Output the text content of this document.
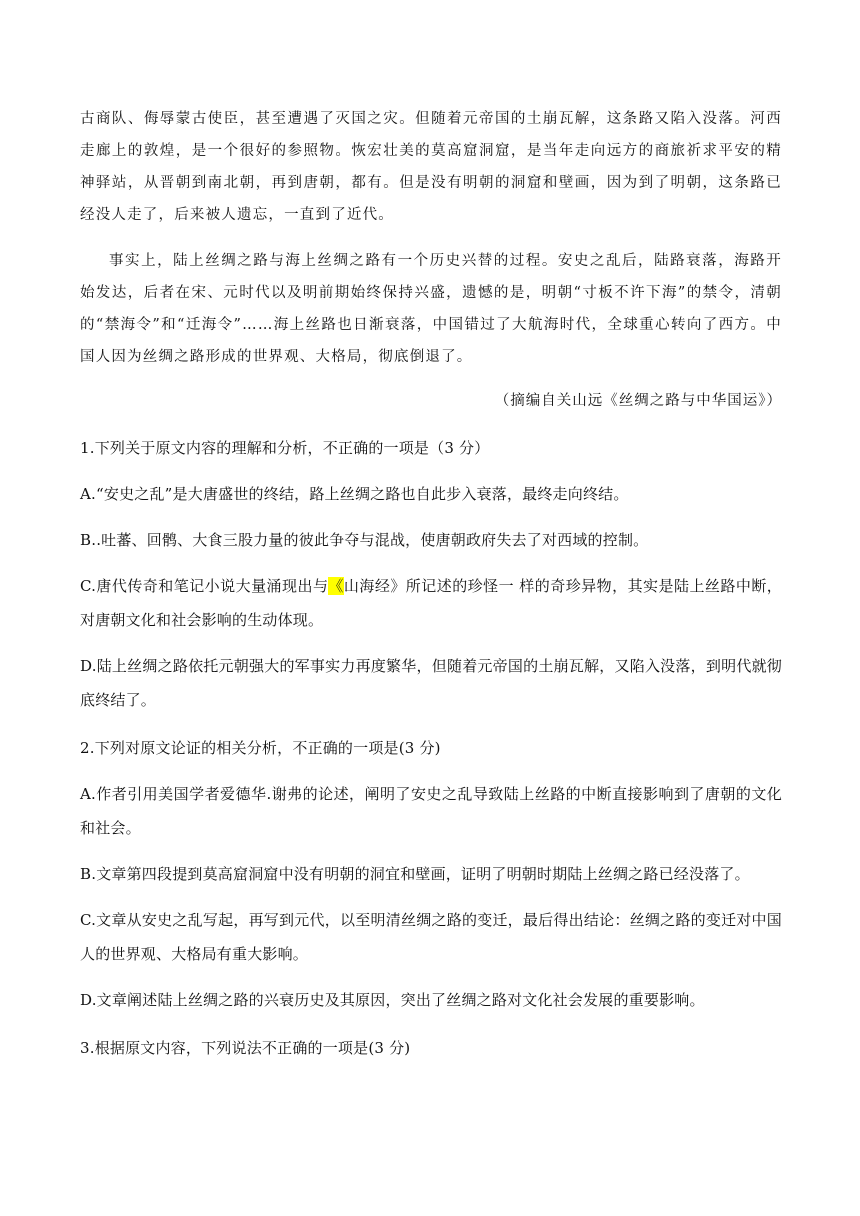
古商队、侮辱蒙古使臣，甚至遭遇了灭国之灾。但随着元帝国的土崩瓦解，这条路又陷入没落。河西走廊上的敦煌，是一个很好的参照物。恢宏壮美的莫高窟洞窟，是当年走向远方的商旅祈求平安的精神驿站，从晋朝到南北朝，再到唐朝，都有。但是没有明朝的洞窟和壁画，因为到了明朝，这条路已经没人走了，后来被人遗忘，一直到了近代。

事实上，陆上丝绸之路与海上丝绸之路有一个历史兴替的过程。安史之乱后，陆路衰落，海路开始发达，后者在宋、元时代以及明前期始终保持兴盛，遗憾的是，明朝“寸板不许下海”的禁令，清朝的“禁海令”和“迁海令”……海上丝路也日渐衰落，中国错过了大航海时代，全球重心转向了西方。中国人因为丝绸之路形成的世界观、大格局，彻底倒退了。

（摘编自关山远《丝绸之路与中华国运》）

1.下列关于原文内容的理解和分析，不正确的一项是（3 分）

A.“安史之乱”是大唐盛世的终结，路上丝绸之路也自此步入衰落，最终走向终结。

B..吐蕃、回鹘、大食三股力量的彼此争夺与混战，使唐朝政府失去了对西域的控制。

C.唐代传奇和笔记小说大量涌现出与《山海经》所记述的珍怪一 样的奇珍异物，其实是陆上丝路中断，对唐朝文化和社会影响的生动体现。

D.陆上丝绸之路依托元朝强大的军事实力再度繁华，但随着元帝国的土崩瓦解，又陷入没落，到明代就彻底终结了。

2.下列对原文论证的相关分析，不正确的一项是(3 分)

A.作者引用美国学者爱德华.谢弗的论述，阐明了安史之乱导致陆上丝路的中断直接影响到了唐朝的文化和社会。

B.文章第四段提到莫高窟洞窟中没有明朝的洞宜和壁画，证明了明朝时期陆上丝绸之路已经没落了。

C.文章从安史之乱写起，再写到元代，以至明清丝绸之路的变迁，最后得出结论：丝绸之路的变迁对中国人的世界观、大格局有重大影响。

D.文章阐述陆上丝绸之路的兴衰历史及其原因，突出了丝绸之路对文化社会发展的重要影响。

3.根据原文内容，下列说法不正确的一项是(3 分)
